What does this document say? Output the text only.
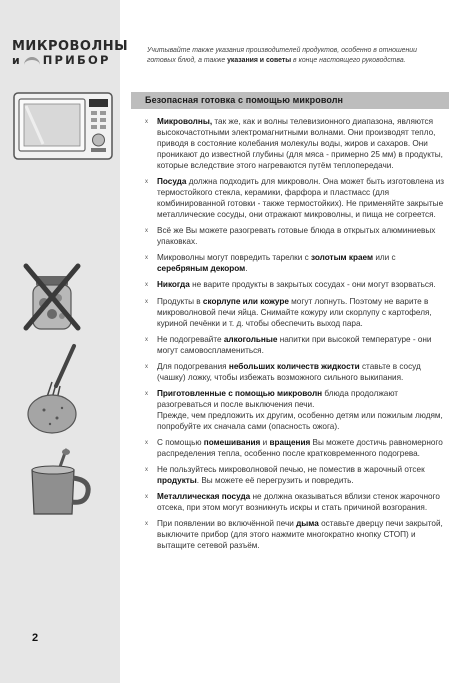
МИКРОВОЛНЫ
и ПРИБОР
2
Учитывайте также указания производителей продуктов, особенно в отношении готовых блюд, а также указания и советы в конце настоящего руководства.
Безопасная готовка с помощью микроволн
x	Микроволны, так же, как и волны телевизионного диапазона, являются высокочастотными электромагнитными волнами. Они производят тепло, приводя в состояние колебания молекулы воды, жиров и сахаров. Они проникают до известной глубины (для мяса - примерно 25 мм) в продукты, которые вследствие этого нагреваются путём теплопередачи.
x	Посуда должна подходить для микроволн. Она может быть изготовлена из термостойкого стекла, керамики, фарфора и пластмасс (для комбинированной готовки - также термостойких). Не применяйте закрытые металлические сосуды, они отражают микроволны, и пища не согреется.
x	Всё же Вы можете разогревать готовые блюда в открытых алюминиевых упаковках.
x	Микроволны могут повредить тарелки с золотым краем или с серебряным декором.
x	Никогда не варите продукты в закрытых сосудах - они могут взорваться.
x	Продукты в скорлупе или кожуре могут лопнуть. Поэтому не варите в микроволновой печи яйца. Снимайте кожуру или скорлупу с картофеля, куриной печёнки и т. д. чтобы обеспечить выход пара.
x	Не подогревайте алкогольные напитки при высокой температуре - они могут самовоспламениться.
x	Для подогревания небольших количеств жидкости ставьте в сосуд (чашку) ложку, чтобы избежать возможного сильного выкипания.
x	Приготовленные с помощью микроволн блюда продолжают разогреваться и после выключения печи.
Прежде, чем предложить их другим, особенно детям или пожилым людям, попробуйте их сначала сами (опасность ожога).
x	С помощью помешивания и вращения Вы можете достичь равномерного распределения тепла, особенно после кратковременного подогрева.
x	Не пользуйтесь микроволновой печью, не поместив в жарочный отсек продукты. Вы можете её перегрузить и повредить.
x	Металлическая посуда не должна оказываться вблизи стенок жарочного отсека, при этом могут возникнуть искры и стать причиной возгорания.
x	При появлении во включённой печи дыма оставьте дверцу печи закрытой, выключите прибор (для этого нажмите многократно кнопку СТОП) и вытащите сетевой разъём.
